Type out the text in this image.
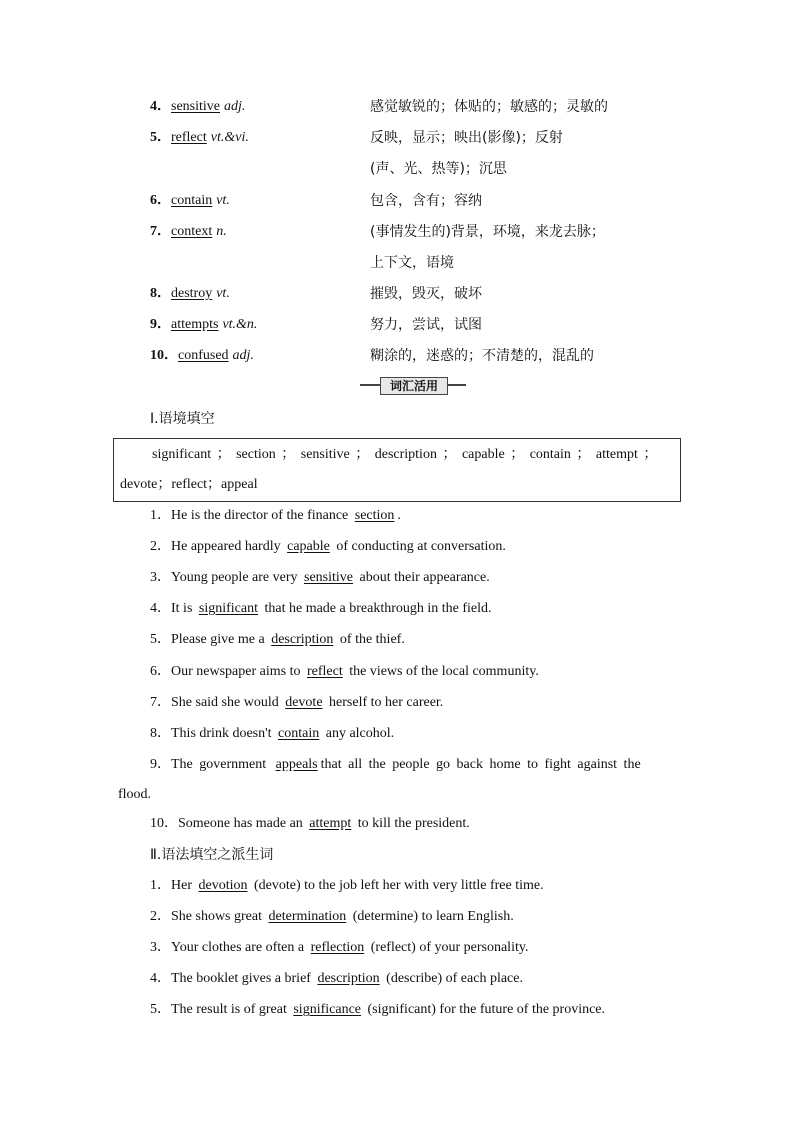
4．sensitive adj.	感觉敏锐的；体贴的；敏感的；灵敏的
5．reflect vt.&vi.	反映，显示；映出(影像)；反射
(声、光、热等)；沉思
6．contain vt.	包含，含有；容纳
7．context n.	(事情发生的)背景，环境，来龙去脉；
上下文，语境
8．destroy vt.	摧毁，毁灭，破坏
9．attempts vt.&n.	努力，尝试，试图
10．confused adj.	糊涂的，迷惑的；不清楚的，混乱的
词汇活用
Ⅰ.语境填空
significant ； section ； sensitive ； description ； capable ； contain ； attempt ；
devote；reflect；appeal
1．He is the director of the finance section .
2．He appeared hardly capable of conducting at conversation.
3．Young people are very sensitive about their appearance.
4．It is significant that he made a breakthrough in the field.
5．Please give me a description of the thief.
6．Our newspaper aims to reflect the views of the local community.
7．She said she would devote herself to her career.
8．This drink doesn't contain any alcohol.
9．The government appeals that all the people go back home to fight against the
flood.
10．Someone has made an attempt to kill the president.
Ⅱ.语法填空之派生词
1．Her devotion (devote) to the job left her with very little free time.
2．She shows great determination (determine) to learn English.
3．Your clothes are often a reflection (reflect) of your personality.
4．The booklet gives a brief description (describe) of each place.
5．The result is of great significance (significant) for the future of the province.
